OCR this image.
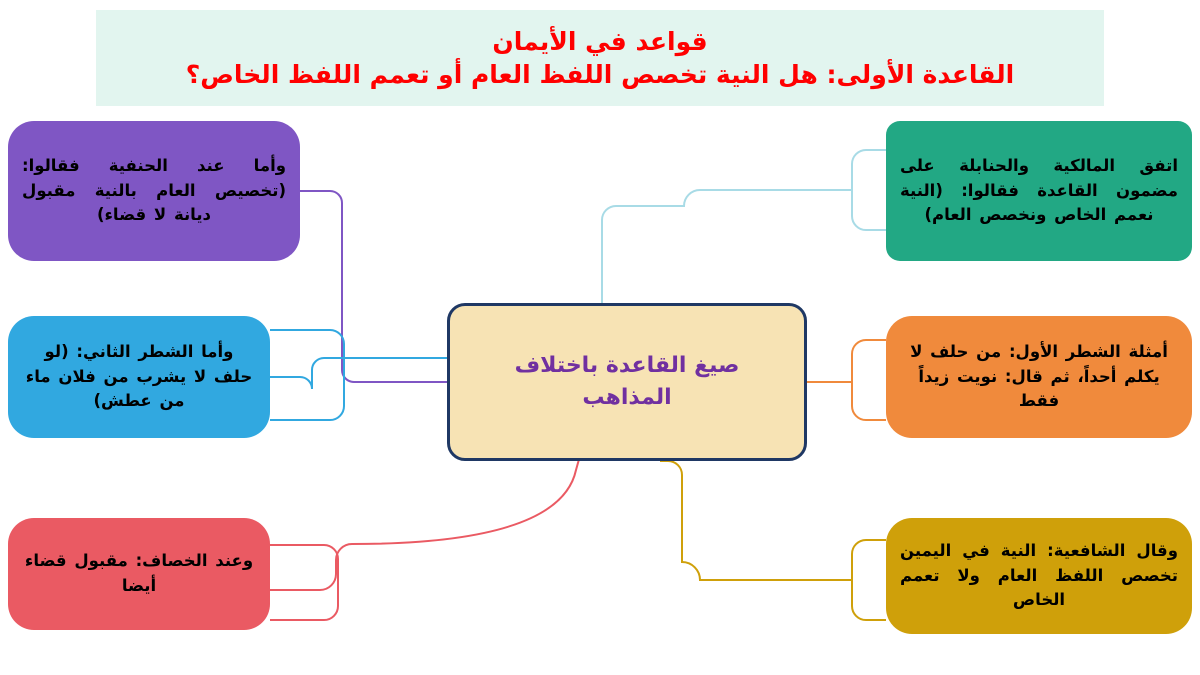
قواعد في الأيمان
القاعدة الأولى: هل النية تخصص اللفظ العام أو تعمم اللفظ الخاص؟
صيغ القاعدة باختلاف المذاهب
وأما عند الحنفية فقالوا: (تخصيص العام بالنية مقبول ديانة لا قضاء)
وأما الشطر الثاني: (لو حلف لا يشرب من فلان ماء من عطش)
وعند الخصاف: مقبول قضاء أيضا
اتفق المالكية والحنابلة على مضمون القاعدة فقالوا: (النية نعمم الخاص ونخصص العام)
أمثلة الشطر الأول: من حلف لا يكلم أحداً، ثم قال: نويت زيداً فقط
وقال الشافعية: النية في اليمين تخصص اللفظ العام ولا تعمم الخاص
